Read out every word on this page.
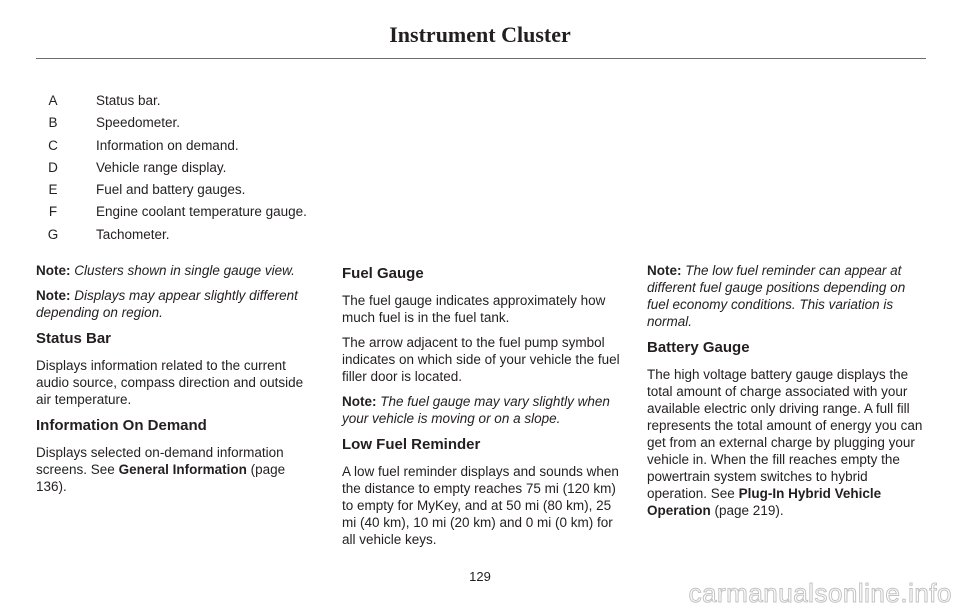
Instrument Cluster
A	Status bar.
B	Speedometer.
C	Information on demand.
D	Vehicle range display.
E	Fuel and battery gauges.
F	Engine coolant temperature gauge.
G	Tachometer.

Note: Clusters shown in single gauge view.

Note: Displays may appear slightly different depending on region.

Status Bar

Displays information related to the current audio source, compass direction and outside air temperature.

Information On Demand

Displays selected on-demand information screens. See General Information (page 136).

Fuel Gauge

The fuel gauge indicates approximately how much fuel is in the fuel tank.

The arrow adjacent to the fuel pump symbol indicates on which side of your vehicle the fuel filler door is located.

Note: The fuel gauge may vary slightly when your vehicle is moving or on a slope.

Low Fuel Reminder

A low fuel reminder displays and sounds when the distance to empty reaches 75 mi (120 km) to empty for MyKey, and at 50 mi (80 km), 25 mi (40 km), 10 mi (20 km) and 0 mi (0 km) for all vehicle keys.

Note: The low fuel reminder can appear at different fuel gauge positions depending on fuel economy conditions. This variation is normal.

Battery Gauge

The high voltage battery gauge displays the total amount of charge associated with your available electric only driving range. A full fill represents the total amount of energy you can get from an external charge by plugging your vehicle in. When the fill reaches empty the powertrain system switches to hybrid operation. See Plug-In Hybrid Vehicle Operation (page 219).

129
carmanualsonline.info
